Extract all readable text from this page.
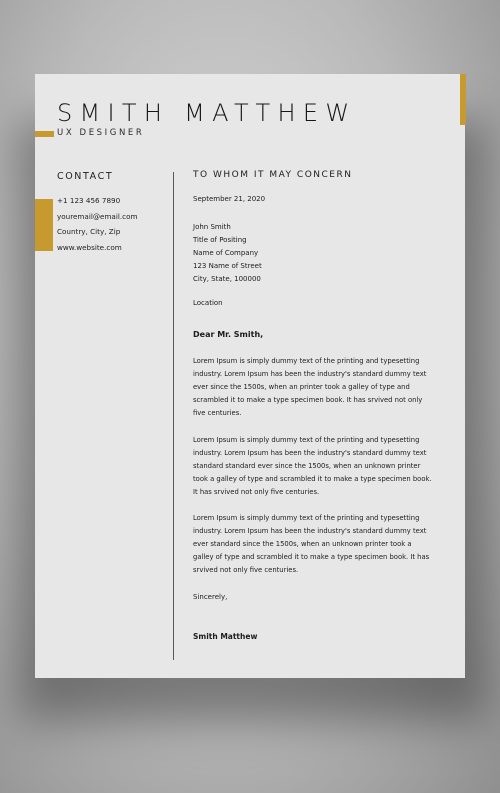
SMITH MATTHEW
UX DESIGNER
CONTACT
+1 123 456 7890
youremail@email.com
Country, City, Zip
www.website.com
TO WHOM IT MAY CONCERN
September 21, 2020
John Smith
Title of Positing
Name of Company
123 Name of Street
City, State, 100000
Location
Dear Mr. Smith,

Lorem Ipsum is simply dummy text of the printing and typesetting industry. Lorem Ipsum has been the industry's standard dummy text ever since the 1500s, when an printer took a galley of type and scrambled it to make a type specimen book. It has srvived not only five centuries.

Lorem Ipsum is simply dummy text of the printing and typesetting industry. Lorem Ipsum has been the industry's standard dummy text standard standard ever since the 1500s, when an unknown printer took a galley of type and scrambled it to make a type specimen book. It has srvived not only five centuries.

Lorem Ipsum is simply dummy text of the printing and typesetting industry. Lorem Ipsum has been the industry's standard dummy text ever standard since the 1500s, when an unknown printer took a galley of type and scrambled it to make a type specimen book. It has srvived not only five centuries.

Sincerely,
Smith Matthew
